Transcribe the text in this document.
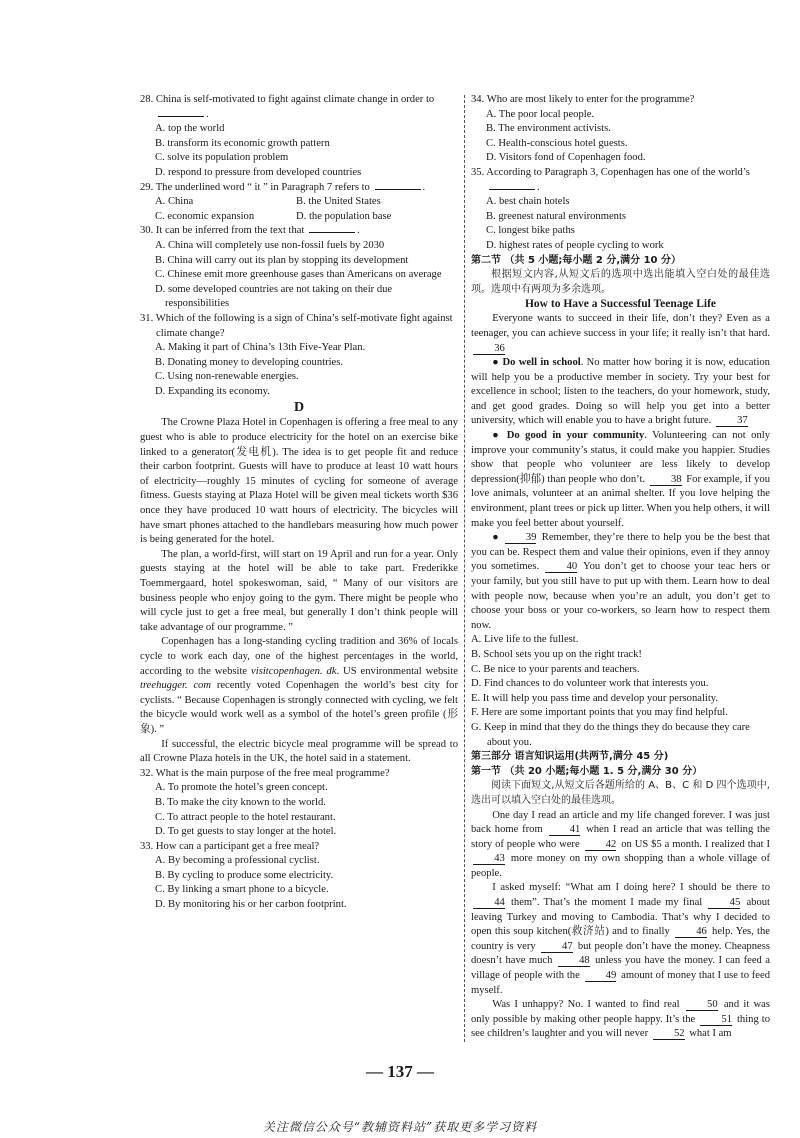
28. China is self-motivated to fight against climate change in order to .
A. top the world
B. transform its economic growth pattern
C. solve its population problem
D. respond to pressure from developed countries
29. The underlined word “ it ” in Paragraph 7 refers to	.
A. China	B. the United States
C. economic expansion	D. the population base
30. It can be inferred from the text that	.
A. China will completely use non-fossil fuels by 2030
B. China will carry out its plan by stopping its development
C. Chinese emit more greenhouse gases than Americans on average
D. some developed countries are not taking on their due responsibilities
31. Which of the following is a sign of China’s self-motivate fight against climate change?
A. Making it part of China’s 13th Five-Year Plan.
B. Donating money to developing countries.
C. Using non-renewable energies.
D. Expanding its economy.
D
The Crowne Plaza Hotel in Copenhagen is offering a free meal to any guest who is able to produce electricity for the hotel on an exercise bike linked to a generator(发电机). The idea is to get people fit and reduce their carbon footprint. Guests will have to produce at least 10 watt hours of electricity—roughly 15 minutes of cycling for someone of average fitness. Guests staying at Plaza Hotel will be given meal tickets worth $36 once they have produced 10 watt hours of electricity. The bicycles will have smart phones attached to the handlebars measuring how much power is being generated for the hotel.
The plan, a world-first, will start on 19 April and run for a year. Only guests staying at the hotel will be able to take part. Frederikke Toemmergaard, hotel spokeswoman, said, “ Many of our visitors are business people who enjoy going to the gym. There might be people who will cycle just to get a free meal, but generally I don’t think people will take advantage of our programme. ”
Copenhagen has a long-standing cycling tradition and 36% of locals cycle to work each day, one of the highest percentages in the world, according to the website visitcopenhagen. dk. US environmental website treehugger. com recently voted Copenhagen the world’s best city for cyclists. “ Because Copenhagen is strongly connected with cycling, we felt the bicycle would work well as a symbol of the hotel’s green profile (形象). ”
If successful, the electric bicycle meal programme will be spread to all Crowne Plaza hotels in the UK, the hotel said in a statement.
32. What is the main purpose of the free meal programme?
A. To promote the hotel’s green concept.
B. To make the city known to the world.
C. To attract people to the hotel restaurant.
D. To get guests to stay longer at the hotel.
33. How can a participant get a free meal?
A. By becoming a professional cyclist.
B. By cycling to produce some electricity.
C. By linking a smart phone to a bicycle.
D. By monitoring his or her carbon footprint.
34. Who are most likely to enter for the programme?
A. The poor local people.
B. The environment activists.
C. Health-conscious hotel guests.
D. Visitors fond of Copenhagen food.
35. According to Paragraph 3, Copenhagen has one of the world’s .
A. best chain hotels
B. greenest natural environments
C. longest bike paths
D. highest rates of people cycling to work
第二节 （共 5 小题;每小题 2 分,满分 10 分）
根据短文内容,从短文后的选项中选出能填入空白处的最佳选项。选项中有两项为多余选项。
How to Have a Successful Teenage Life
Everyone wants to succeed in their life, don’t they? Even as a teenager, you can achieve success in your life; it really isn’t that hard. 36
● Do well in school. No matter how boring it is now, education will help you be a productive member in society. Try your best for excellence in school; listen to the teachers, do your homework, study, and get good grades. Doing so will help you get into a better university, which will enable you to have a bright future. 37
● Do good in your community. Volunteering can not only improve your community’s status, it could make you happier. Studies show that people who volunteer are less likely to develop depression(抑郁) than people who don’t. 38 For example, if you love animals, volunteer at an animal shelter. If you love helping the environment, plant trees or pick up litter. When you help others, it will make you feel better about yourself.
●	39 Remember, they’re there to help you be the best that you can be. Respect them and value their opinions, even if they annoy you sometimes.	40 You don’t get to choose your teac hers or your family, but you still have to put up with them. Learn how to deal with people now, because when you’re an adult, you don’t get to choose your boss or your co-workers, so learn how to respect them now.
A. Live life to the fullest.
B. School sets you up on the right track!
C. Be nice to your parents and teachers.
D. Find chances to do volunteer work that interests you.
E. It will help you pass time and develop your personality.
F. Here are some important points that you may find helpful.
G. Keep in mind that they do the things they do because they care about you.
第三部分 语言知识运用(共两节,满分 45 分)
第一节 （共 20 小题;每小题 1. 5 分,满分 30 分）
阅读下面短文,从短文后各题所给的 A、B、C 和 D 四个选项中,选出可以填入空白处的最佳选项。
One day I read an article and my life changed forever. I was just back home from	41 when I read an article that was telling the story of people who were 42 on US $5 a month. I realized that I 43 more money on my own shopping than a whole village of people.
I asked myself: “What am I doing here? I should be there to 44 them”. That’s the moment I made my final	45 about leaving Turkey and moving to Cambodia. That’s why I decided to open this soup kitchen(救济站) and to finally 46 help. Yes, the country is very 47 but people don’t have the money. Cheapness doesn’t have much	48 unless you have the money. I can feed a village of people with the 49 amount of money that I use to feed myself.
Was I unhappy? No. I wanted to find real	50 and it was only possible by making other people happy. It’s the 51 thing to see children’s laughter and you will never 52 what I am
— 137 —
关注微信公众号“教辅资料站”获取更多学习资料
